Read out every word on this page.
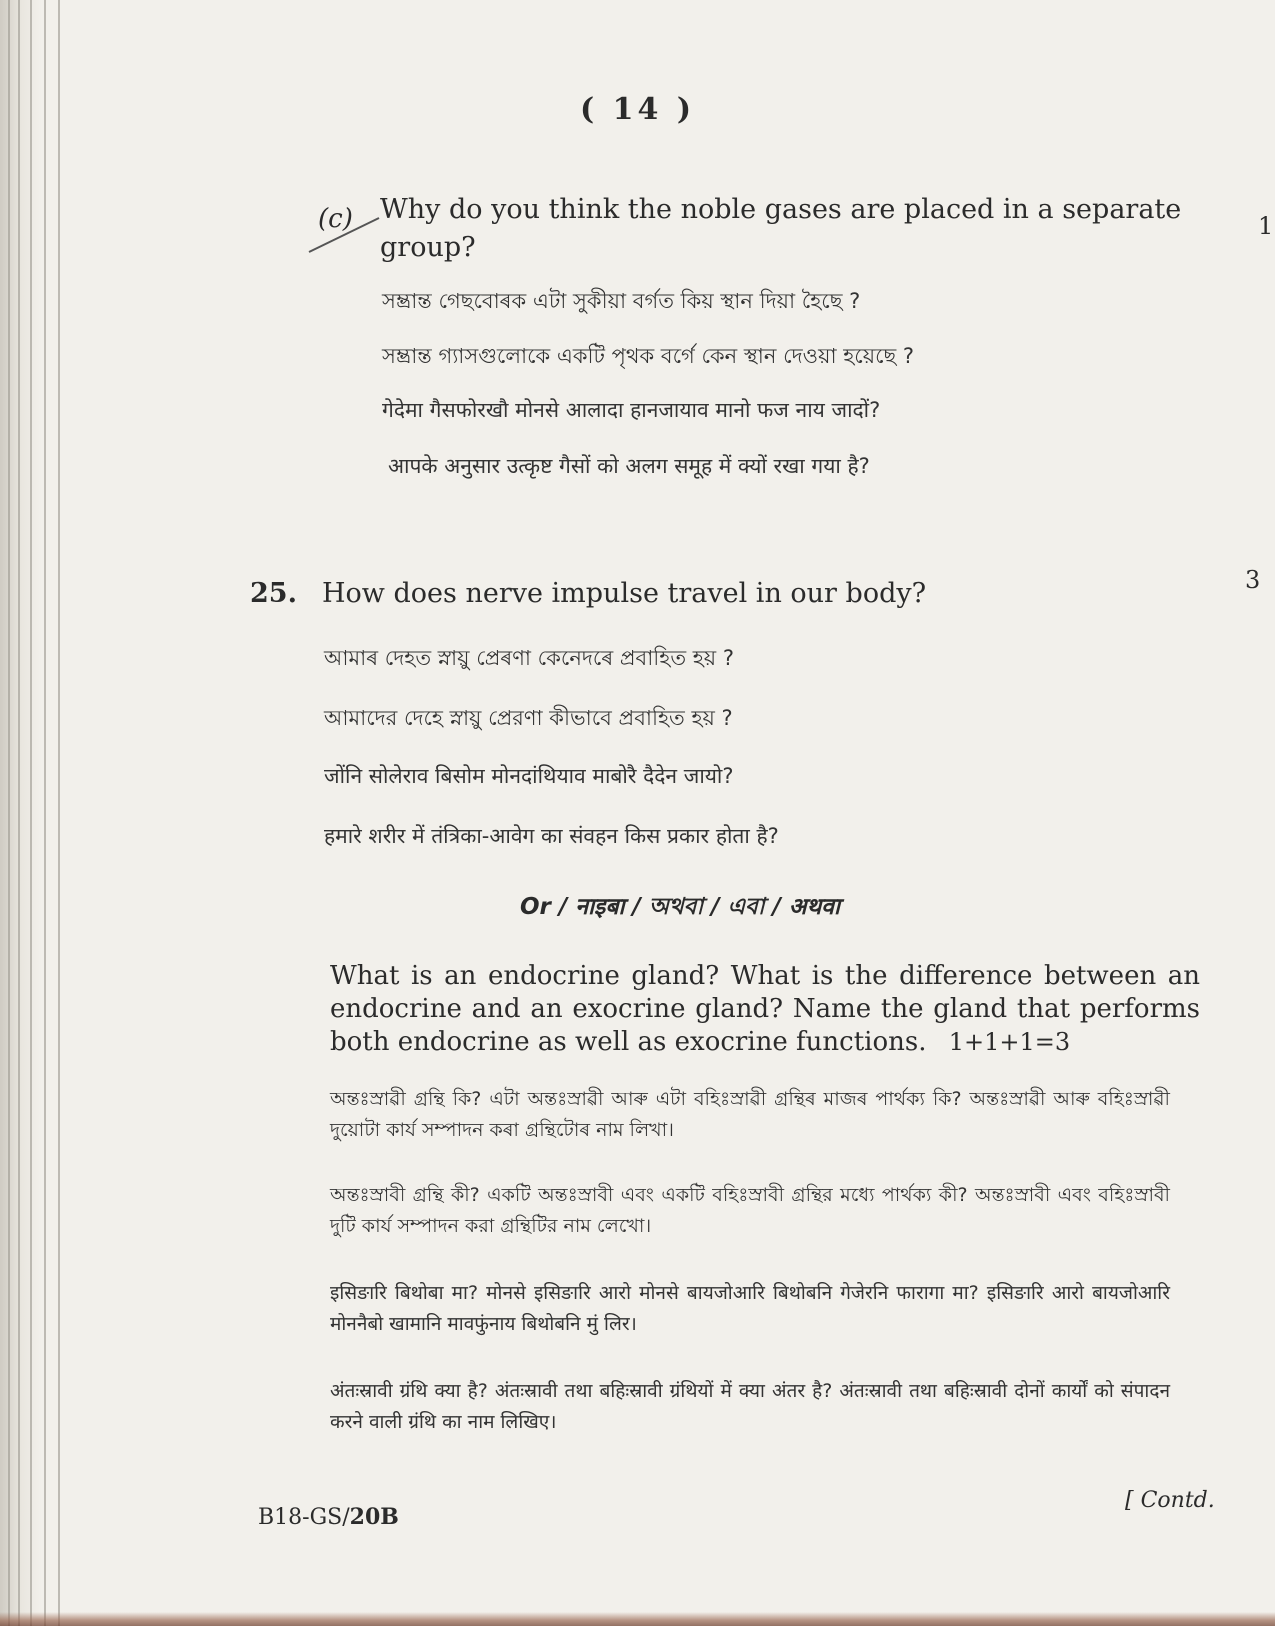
( 14 )
(c) Why do you think the noble gases are placed in a separate
group?
1
সম্ভ্ৰান্ত গেছবোৰক এটা সুকীয়া বৰ্গত কিয় স্থান দিয়া হৈছে ?
সম্ভ্রান্ত গ্যাসগুলোকে একটি পৃথক বর্গে কেন স্থান দেওয়া হয়েছে ?
गेदेमा गैसफोरखौ मोनसे आलादा हानजायाव मानो फज नाय जादों?
आपके अनुसार उत्कृष्ट गैसों को अलग समूह में क्यों रखा गया है?
25. How does nerve impulse travel in our body?	3
আমাৰ দেহত স্নায়ু প্ৰেৰণা কেনেদৰে প্ৰবাহিত হয় ?
আমাদের দেহে স্নায়ু প্রেরণা কীভাবে প্রবাহিত হয় ?
जोंनि सोलेराव बिसोम मोनदांथियाव माबोरै दैदेन जायो?
हमारे शरीर में तंत्रिका-आवेग का संवहन किस प्रकार होता है?
Or / नाइबा / অথবা / এবা / अथवा
What is an endocrine gland? What is the difference between an endocrine and an exocrine gland? Name the gland that performs both endocrine as well as exocrine functions. 1+1+1=3
অন্তঃস্ৰাৱী গ্ৰন্থি কি? এটা অন্তঃস্ৰাৱী আৰু এটা বহিঃস্ৰাৱী গ্ৰন্থিৰ মাজৰ পাৰ্থক্য কি? অন্তঃস্ৰাৱী আৰু বহিঃস্ৰাৱী দুয়োটা কাৰ্য সম্পাদন কৰা গ্ৰন্থিটোৰ নাম লিখা।
অন্তঃস্রাবী গ্রন্থি কী? একটি অন্তঃস্রাবী এবং একটি বহিঃস্রাবী গ্রন্থির মধ্যে পার্থক্য কী? অন্তঃস্রাবী এবং বহিঃস্রাবী দুটি কার্য সম্পাদন করা গ্রন্থিটির নাম লেখো।
इसिङारि बिथोबा मा? मोनसे इसिङारि आरो मोनसे बायजोआरि बिथोबनि गेजेरनि फारागा मा? इसिङारि आरो बायजोआरि मोननैबो खामानि मावफुंनाय बिथोबनि मुं लिर।
अंतःस्रावी ग्रंथि क्या है? अंतःस्रावी तथा बहिःस्रावी ग्रंथियों में क्या अंतर है? अंतःस्रावी तथा बहिःस्रावी दोनों कार्यों को संपादन करने वाली ग्रंथि का नाम लिखिए।
B18-GS/20B
[ Contd.
